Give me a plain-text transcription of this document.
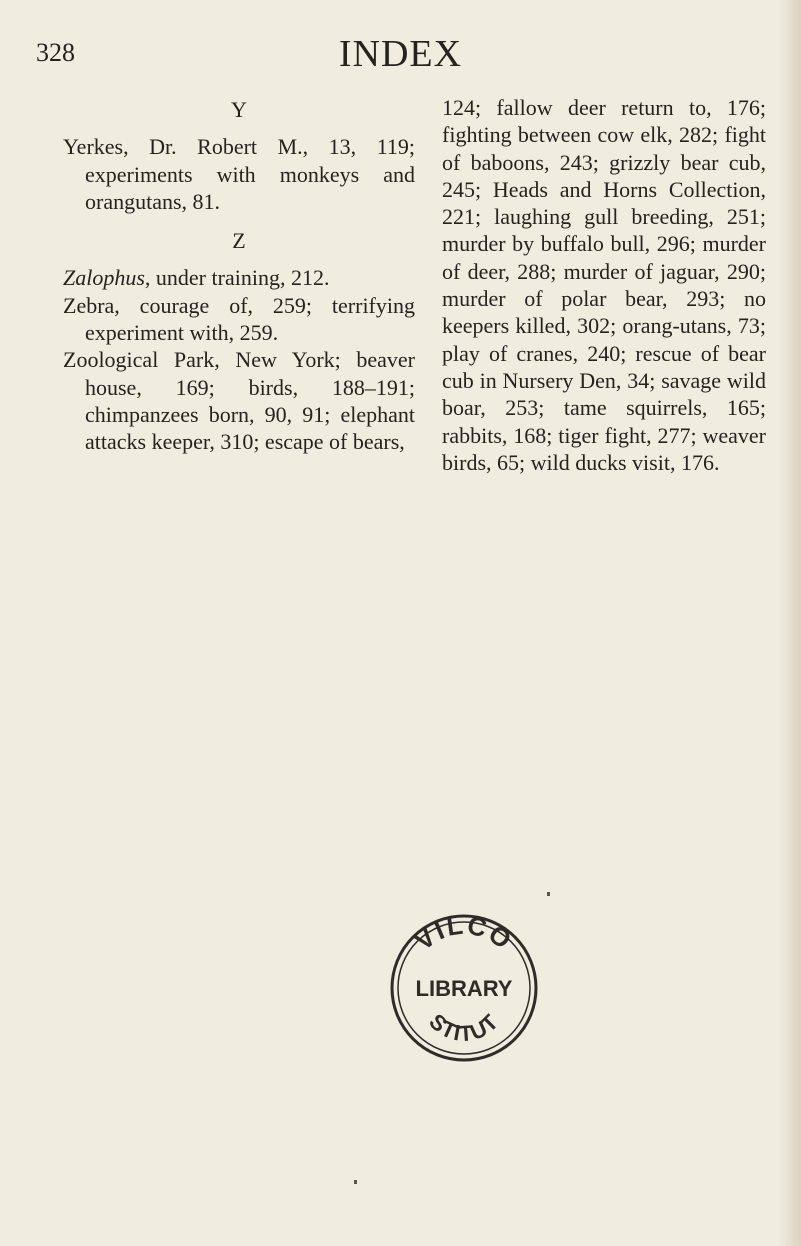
328	INDEX
Y
Yerkes, Dr. Robert M., 13, 119; experiments with monkeys and orangutans, 81.
Z
Zalophus, under training, 212.
Zebra, courage of, 259; terrifying experiment with, 259.
Zoological Park, New York; beaver house, 169; birds, 188–191; chimpanzees born, 90, 91; elephant attacks keeper, 310; escape of bears,
124; fallow deer return to, 176; fighting between cow elk, 282; fight of baboons, 243; grizzly bear cub, 245; Heads and Horns Collection, 221; laughing gull breeding, 251; murder by buffalo bull, 296; murder of deer, 288; murder of jaguar, 290; murder of polar bear, 293; no keepers killed, 302; orang-utans, 73; play of cranes, 240; rescue of bear cub in Nursery Den, 34; savage wild boar, 253; tame squirrels, 165; rabbits, 168; tiger fight, 277; weaver birds, 65; wild ducks visit, 176.
VILCO
LIBRARY
STITUT
